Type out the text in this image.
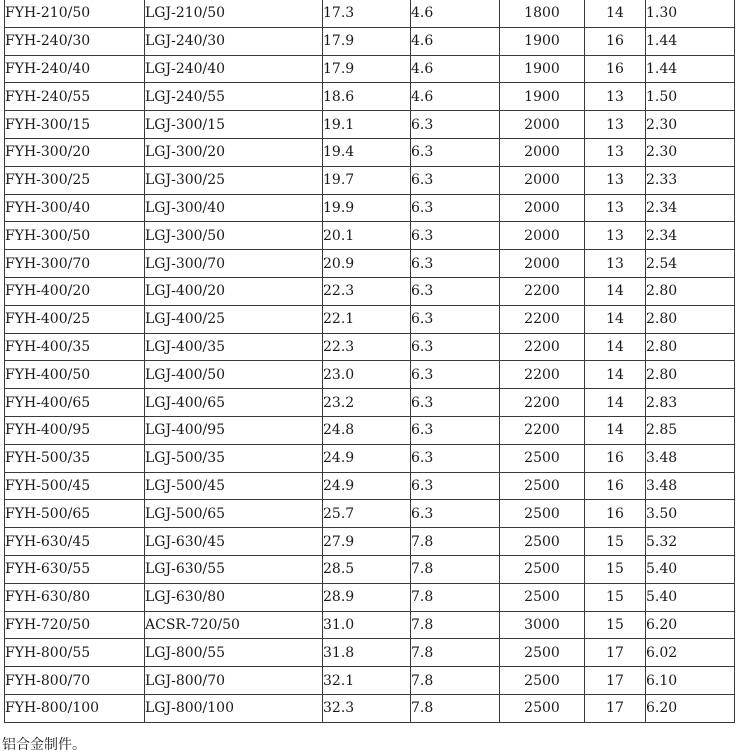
FYH-210/50	LGJ-210/50	17.3	4.6	1800	14	1.30
FYH-240/30	LGJ-240/30	17.9	4.6	1900	16	1.44
FYH-240/40	LGJ-240/40	17.9	4.6	1900	16	1.44
FYH-240/55	LGJ-240/55	18.6	4.6	1900	13	1.50
FYH-300/15	LGJ-300/15	19.1	6.3	2000	13	2.30
FYH-300/20	LGJ-300/20	19.4	6.3	2000	13	2.30
FYH-300/25	LGJ-300/25	19.7	6.3	2000	13	2.33
FYH-300/40	LGJ-300/40	19.9	6.3	2000	13	2.34
FYH-300/50	LGJ-300/50	20.1	6.3	2000	13	2.34
FYH-300/70	LGJ-300/70	20.9	6.3	2000	13	2.54
FYH-400/20	LGJ-400/20	22.3	6.3	2200	14	2.80
FYH-400/25	LGJ-400/25	22.1	6.3	2200	14	2.80
FYH-400/35	LGJ-400/35	22.3	6.3	2200	14	2.80
FYH-400/50	LGJ-400/50	23.0	6.3	2200	14	2.80
FYH-400/65	LGJ-400/65	23.2	6.3	2200	14	2.83
FYH-400/95	LGJ-400/95	24.8	6.3	2200	14	2.85
FYH-500/35	LGJ-500/35	24.9	6.3	2500	16	3.48
FYH-500/45	LGJ-500/45	24.9	6.3	2500	16	3.48
FYH-500/65	LGJ-500/65	25.7	6.3	2500	16	3.50
FYH-630/45	LGJ-630/45	27.9	7.8	2500	15	5.32
FYH-630/55	LGJ-630/55	28.5	7.8	2500	15	5.40
FYH-630/80	LGJ-630/80	28.9	7.8	2500	15	5.40
FYH-720/50	ACSR-720/50	31.0	7.8	3000	15	6.20
FYH-800/55	LGJ-800/55	31.8	7.8	2500	17	6.02
FYH-800/70	LGJ-800/70	32.1	7.8	2500	17	6.10
FYH-800/100	LGJ-800/100	32.3	7.8	2500	17	6.20
铝合金制件。
